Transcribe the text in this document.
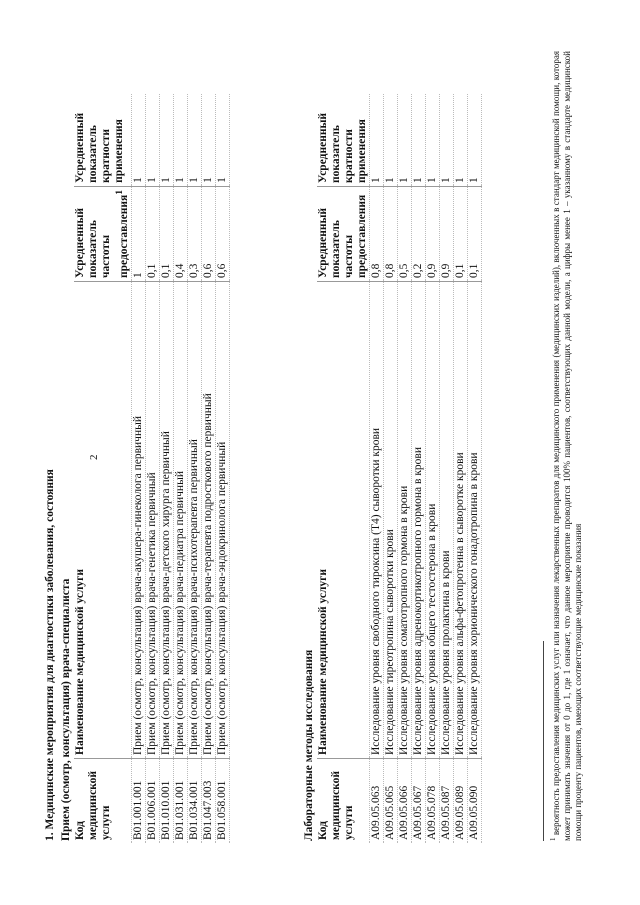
2
1. Медицинские мероприятия для диагностики заболевания, состояния Прием (осмотр, консультация) врача-специалиста Код медицинской услуги	Наименование медицинской услуги	Усредненный показатель частоты предоставления$^1$	Усредненный показатель кратности применения
B01.001.001	Прием (осмотр, консультация) врача-акушера-гинеколога первичный	1	1
B01.006.001	Прием (осмотр, консультация) врача-генетика первичный	0,1	1
B01.010.001	Прием (осмотр, консультация) врача-детского хирурга первичный	0,1	1
B01.031.001	Прием (осмотр, консультация) врача-педиатра первичный	0,4	1
B01.034.001	Прием (осмотр, консультация) врача-психотерапевта первичный	0,3	1
B01.047.003	Прием (осмотр, консультация) врача-терапевта подросткового первичный	0,6	1
B01.058.001	Прием (осмотр, консультация) врача-эндокринолога первичный	0,6	1
Лабораторные методы исследования Код медицинской услуги	Наименование медицинской услуги	Усредненный показатель частоты предоставления	Усредненный показатель кратности применения
A09.05.063	Исследование уровня свободного тироксина (T4) сыворотки крови	0,8	1
A09.05.065	Исследование тиреотропина сыворотки крови	0,8	1
A09.05.066	Исследование уровня соматотропного гормона в крови	0,5	1
A09.05.067	Исследование уровня адренокортикотропного гормона в крови	0,2	1
A09.05.078	Исследование уровня общего тестостерона в крови	0,9	1
A09.05.087	Исследование уровня пролактина в крови	0,9	1
A09.05.089	Исследование уровня альфа-фетопротеина в сыворотке крови	0,1	1
A09.05.090	Исследование уровня хорионического гонадотропина в крови	0,1	1
$^1$ вероятность предоставления медицинских услуг или назначения лекарственных препаратов для медицинского применения (медицинских изделий), включенных в стандарт медицинской помощи, которая может принимать значения от 0 до 1, где 1 означает, что данное мероприятие проводится 100% пациентов, соответствующих данной модели, а цифры менее 1 – указанному в стандарте медицинской помощи проценту пациентов, имеющих соответствующие медицинские показания
